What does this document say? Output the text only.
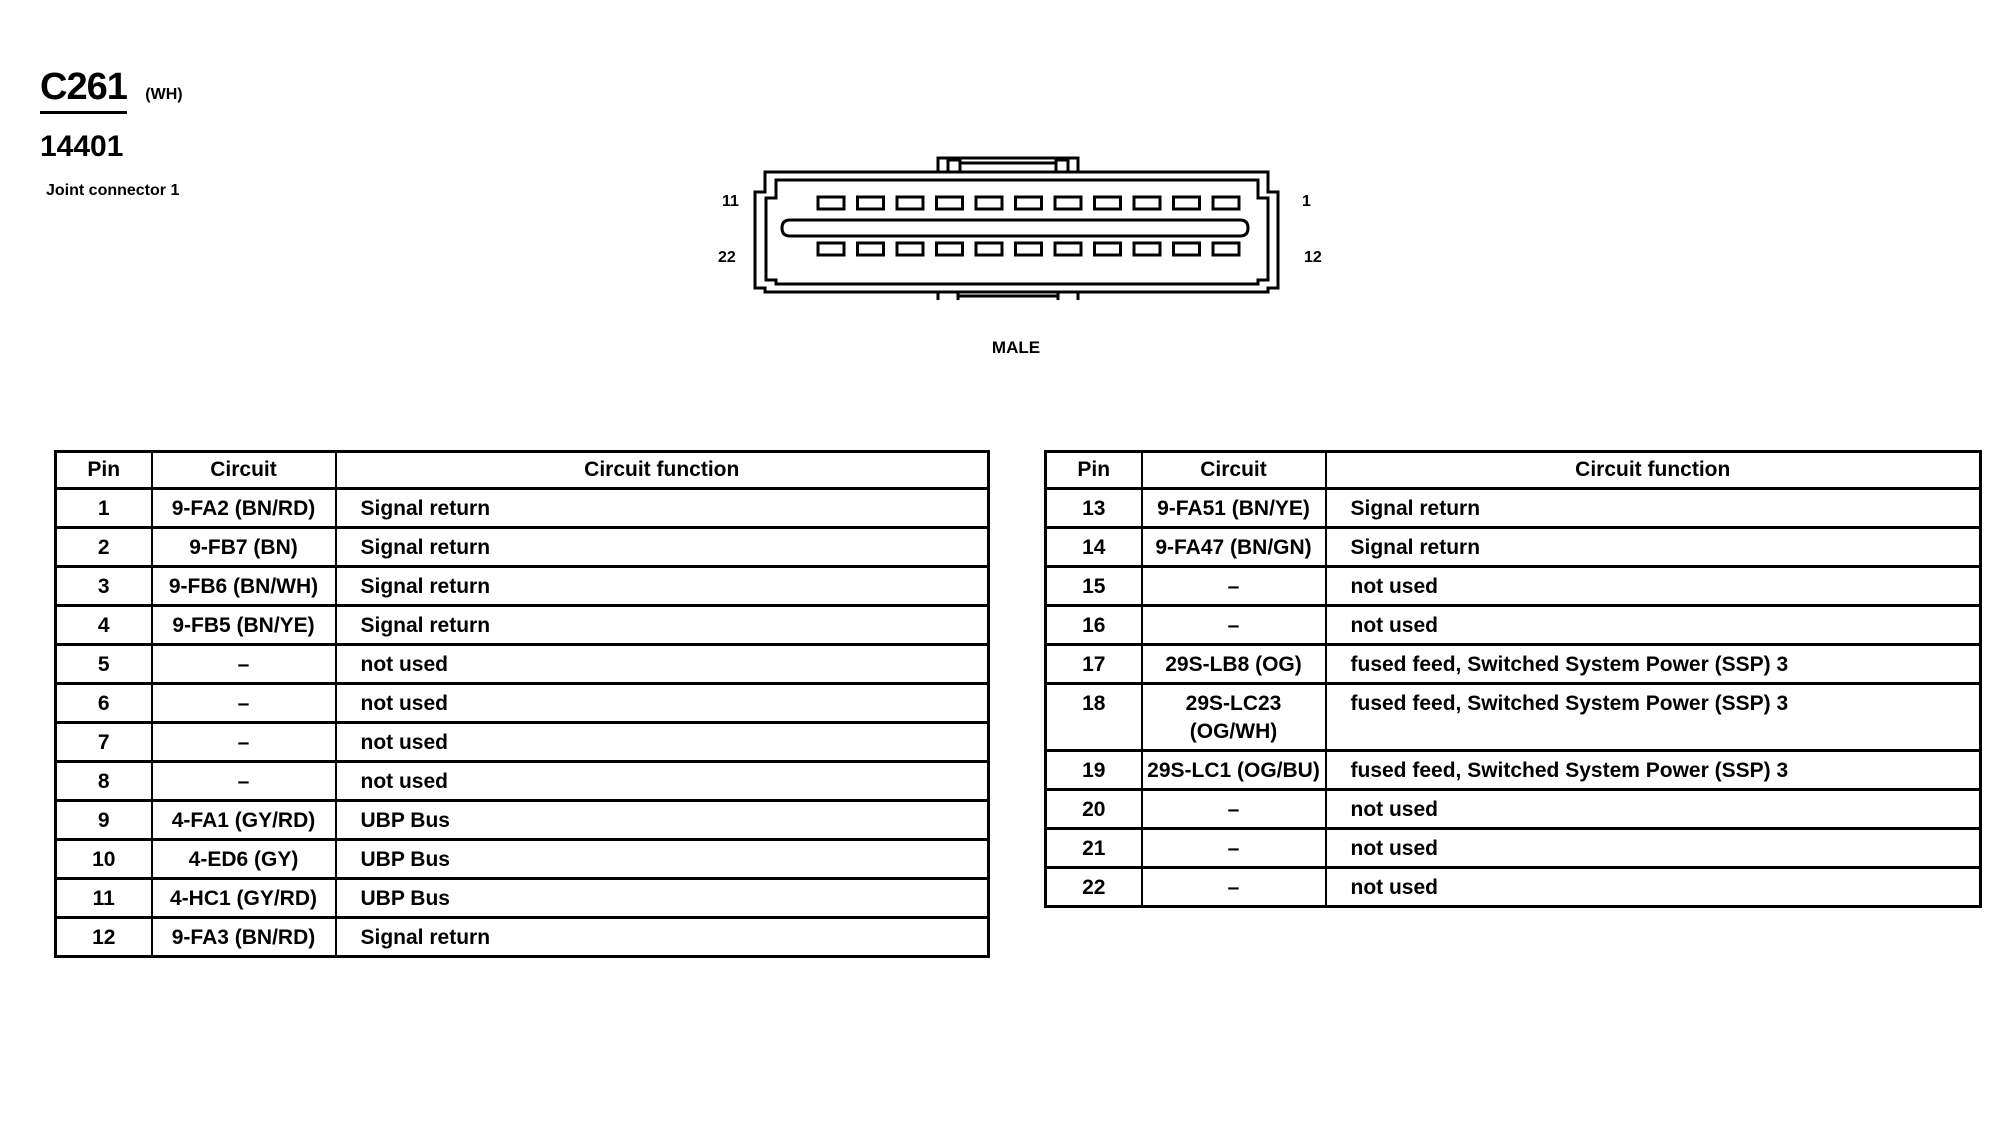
C261 (WH)
14401
Joint connector 1
11	1
22	12
MALE
Pin	Circuit	Circuit function
1	9-FA2 (BN/RD)	Signal return
2	9-FB7 (BN)	Signal return
3	9-FB6 (BN/WH)	Signal return
4	9-FB5 (BN/YE)	Signal return
5	–	not used
6	–	not used
7	–	not used
8	–	not used
9	4-FA1 (GY/RD)	UBP Bus
10	4-ED6 (GY)	UBP Bus
11	4-HC1 (GY/RD)	UBP Bus
12	9-FA3 (BN/RD)	Signal return
Pin	Circuit	Circuit function
13	9-FA51 (BN/YE)	Signal return
14	9-FA47 (BN/GN)	Signal return
15	–	not used
16	–	not used
17	29S-LB8 (OG)	fused feed, Switched System Power (SSP) 3
18	29S-LC23 (OG/WH)	fused feed, Switched System Power (SSP) 3
19	29S-LC1 (OG/BU)	fused feed, Switched System Power (SSP) 3
20	–	not used
21	–	not used
22	–	not used
